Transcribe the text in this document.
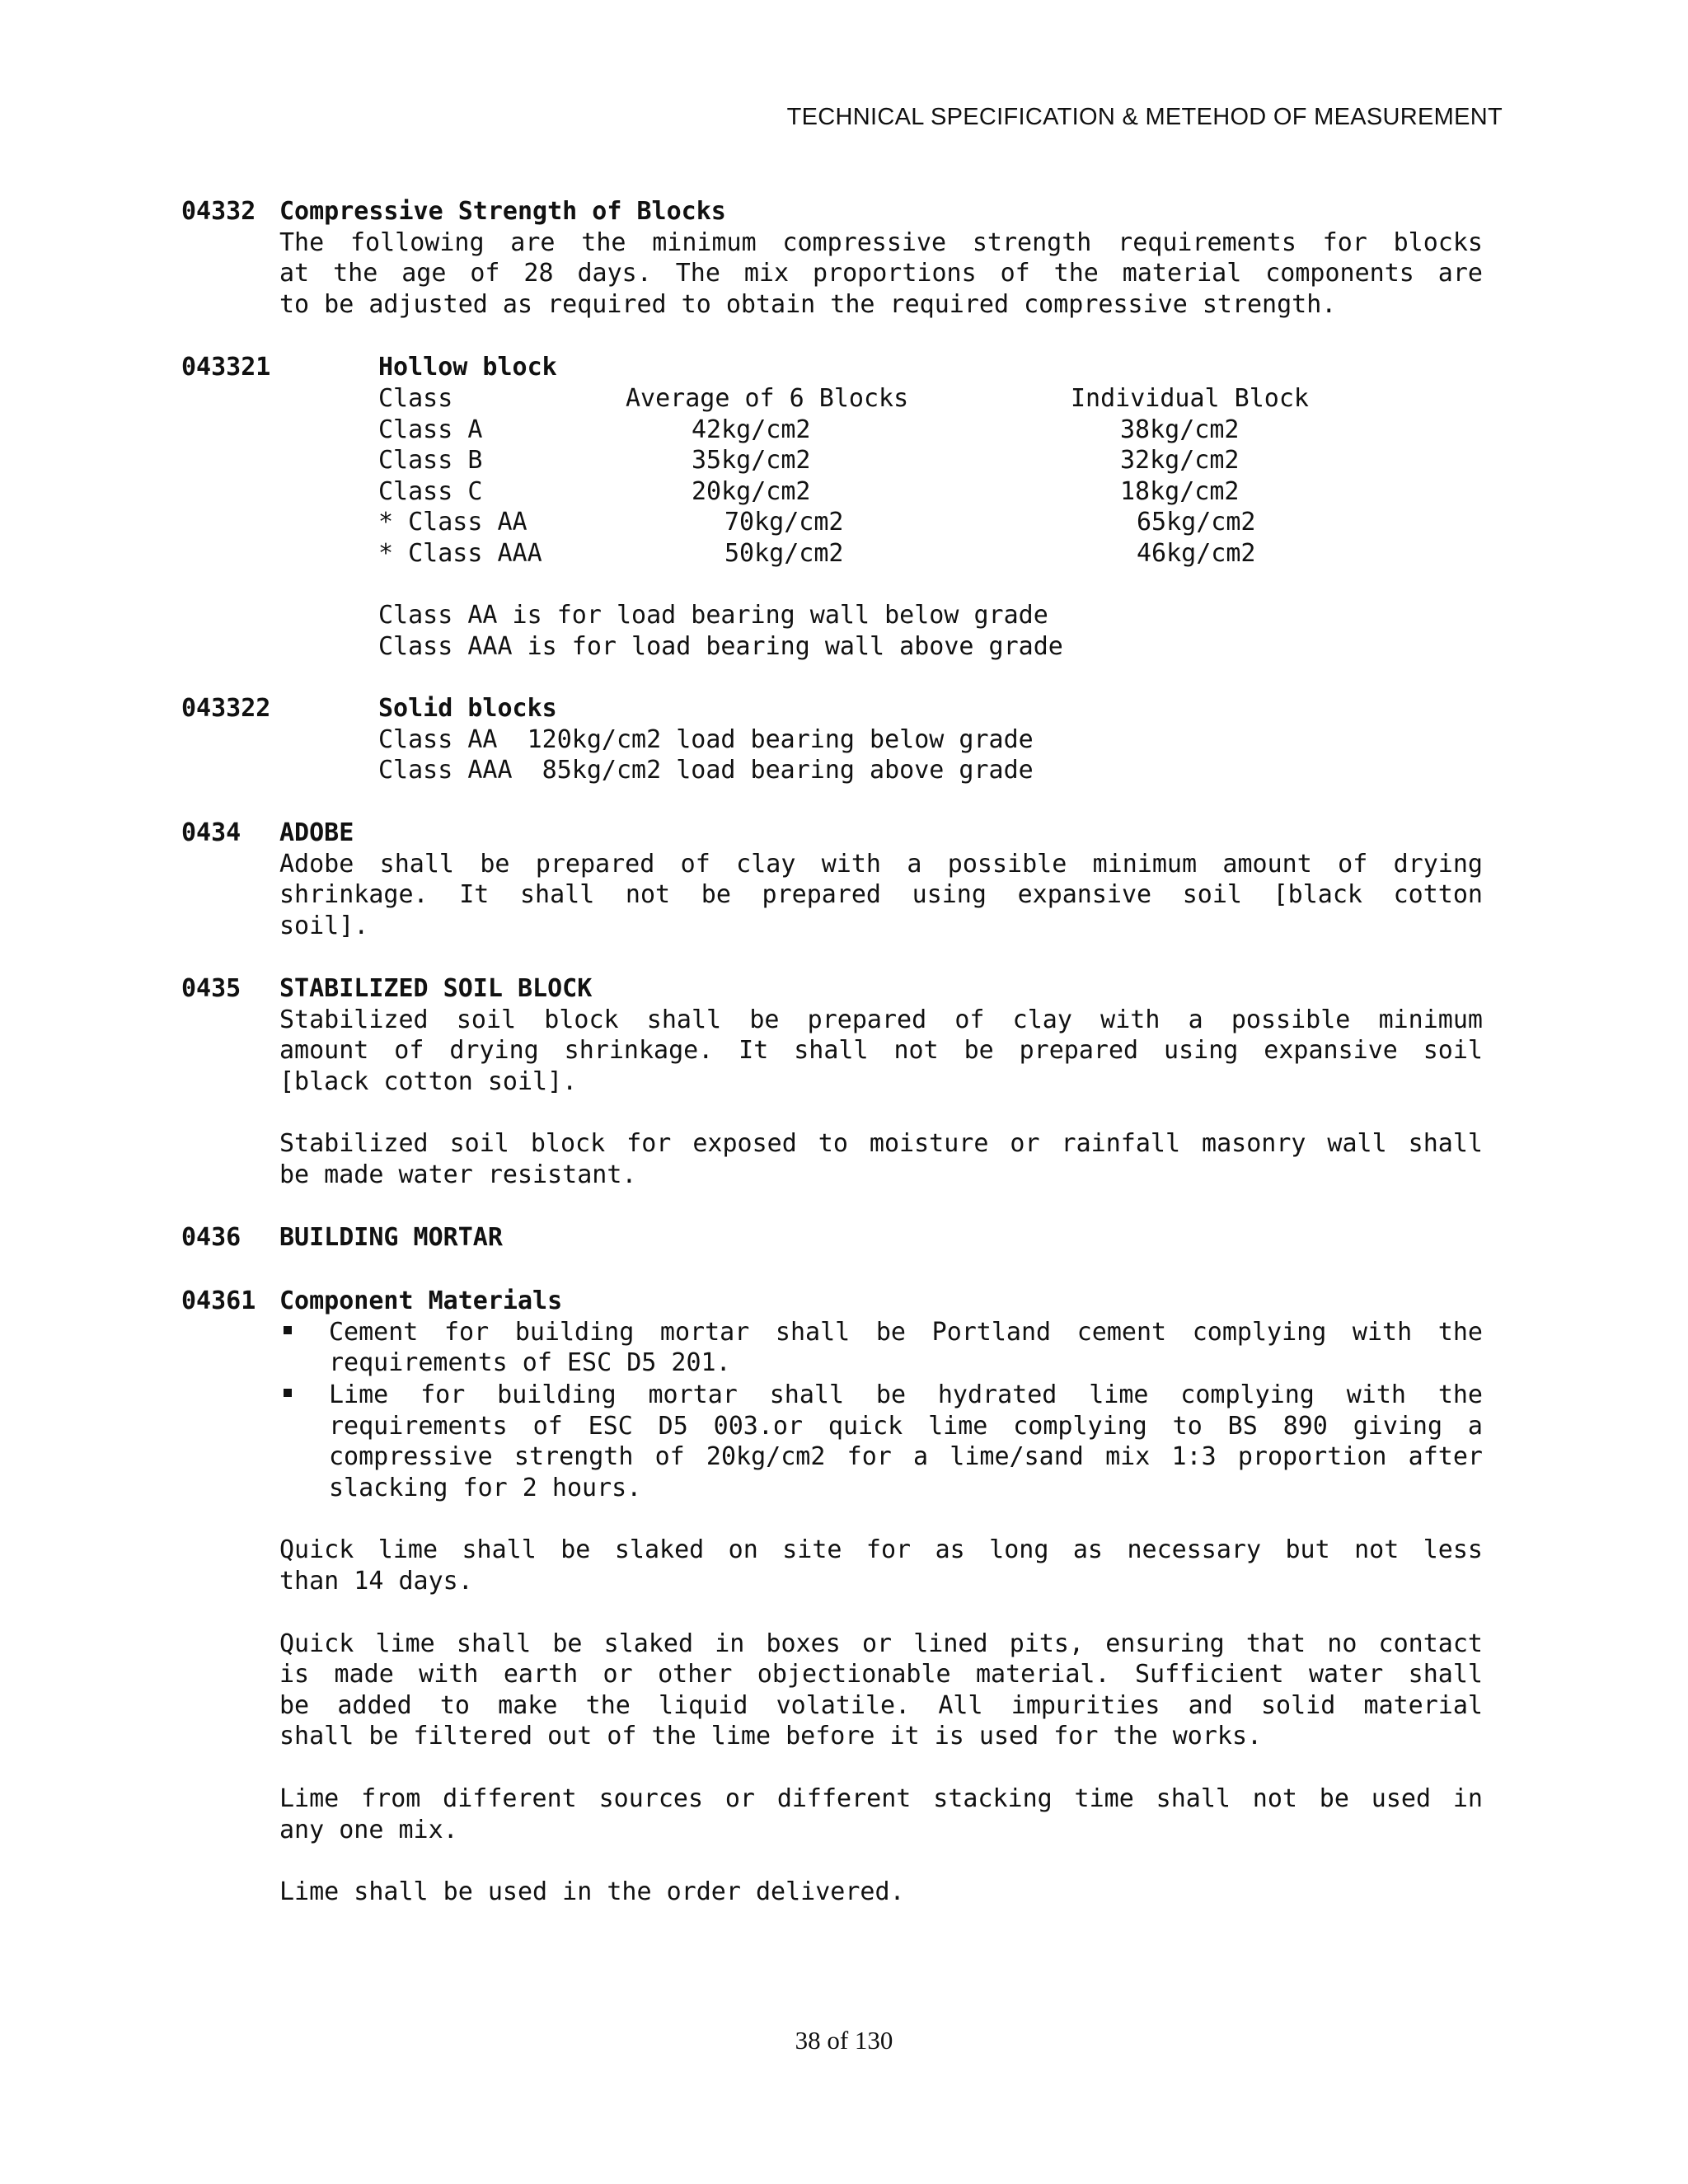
TECHNICAL SPECIFICATION & METEHOD OF MEASUREMENT
04332 Compressive Strength of Blocks
The following are the minimum compressive strength requirements for blocks
at the age of 28 days. The mix proportions of the material components are
to be adjusted as required to obtain the required compressive strength.
043321	Hollow block
Class	Average of 6 Blocks	Individual Block
Class A	42kg/cm2	38kg/cm2
Class B	35kg/cm2	32kg/cm2
Class C	20kg/cm2	18kg/cm2
* Class AA	70kg/cm2	65kg/cm2
* Class AAA	50kg/cm2	46kg/cm2
Class AA is for load bearing wall below grade
Class AAA is for load bearing wall above grade
043322	Solid blocks
Class AA  120kg/cm2 load bearing below grade
Class AAA  85kg/cm2 load bearing above grade
0434 ADOBE
Adobe shall be prepared of clay with a possible minimum amount of drying
shrinkage. It shall not be prepared using expansive soil [black cotton
soil].
0435 STABILIZED SOIL BLOCK
Stabilized soil block shall be prepared of clay with a possible minimum
amount of drying shrinkage. It shall not be prepared using expansive soil
[black cotton soil].
Stabilized soil block for exposed to moisture or rainfall masonry wall shall
be made water resistant.
0436 BUILDING MORTAR
04361 Component Materials
Cement for building mortar shall be Portland cement complying with the
requirements of ESC D5 201.
Lime for building mortar shall be hydrated lime complying with the
requirements of ESC D5 003.or quick lime complying to BS 890 giving a
compressive strength of 20kg/cm2 for a lime/sand mix 1:3 proportion after
slacking for 2 hours.
Quick lime shall be slaked on site for as long as necessary but not less
than 14 days.
Quick lime shall be slaked in boxes or lined pits, ensuring that no contact
is made with earth or other objectionable material. Sufficient water shall
be added to make the liquid volatile. All impurities and solid material
shall be filtered out of the lime before it is used for the works.
Lime from different sources or different stacking time shall not be used in
any one mix.
Lime shall be used in the order delivered.
38 of 130
